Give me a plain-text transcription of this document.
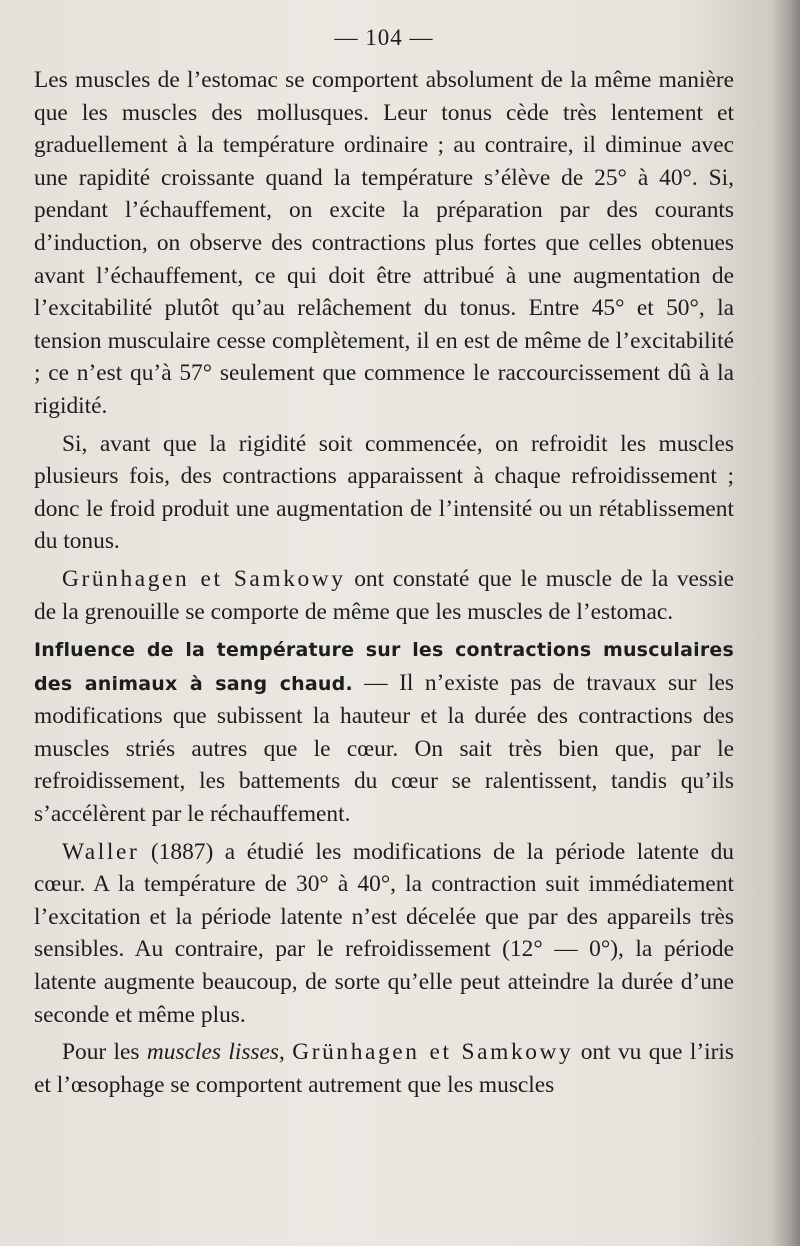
— 104 —

Les muscles de l’estomac se comportent absolument de la même manière que les muscles des mollusques. Leur tonus cède très lentement et graduellement à la température ordinaire ; au contraire, il diminue avec une rapidité croissante quand la température s’élève de 25° à 40°. Si, pendant l’échauffement, on excite la préparation par des courants d’induction, on observe des contractions plus fortes que celles obtenues avant l’échauffement, ce qui doit être attribué à une augmentation de l’excitabilité plutôt qu’au relâchement du tonus. Entre 45° et 50°, la tension musculaire cesse complètement, il en est de même de l’excitabilité ; ce n’est qu’à 57° seulement que commence le raccourcissement dû à la rigidité.

Si, avant que la rigidité soit commencée, on refroidit les muscles plusieurs fois, des contractions apparaissent à chaque refroidissement ; donc le froid produit une augmentation de l’intensité ou un rétablissement du tonus.

Grünhagen et Samkowy ont constaté que le muscle de la vessie de la grenouille se comporte de même que les muscles de l’estomac.

Influence de la température sur les contractions musculaires des animaux à sang chaud. — Il n’existe pas de travaux sur les modifications que subissent la hauteur et la durée des contractions des muscles striés autres que le cœur. On sait très bien que, par le refroidissement, les battements du cœur se ralentissent, tandis qu’ils s’accélèrent par le réchauffement.

Waller (1887) a étudié les modifications de la période latente du cœur. A la température de 30° à 40°, la contraction suit immédiatement l’excitation et la période latente n’est décelée que par des appareils très sensibles. Au contraire, par le refroidissement (12° — 0°), la période latente augmente beaucoup, de sorte qu’elle peut atteindre la durée d’une seconde et même plus.

Pour les muscles lisses, Grünhagen et Samkowy ont vu que l’iris et l’œsophage se comportent autrement que les muscles
